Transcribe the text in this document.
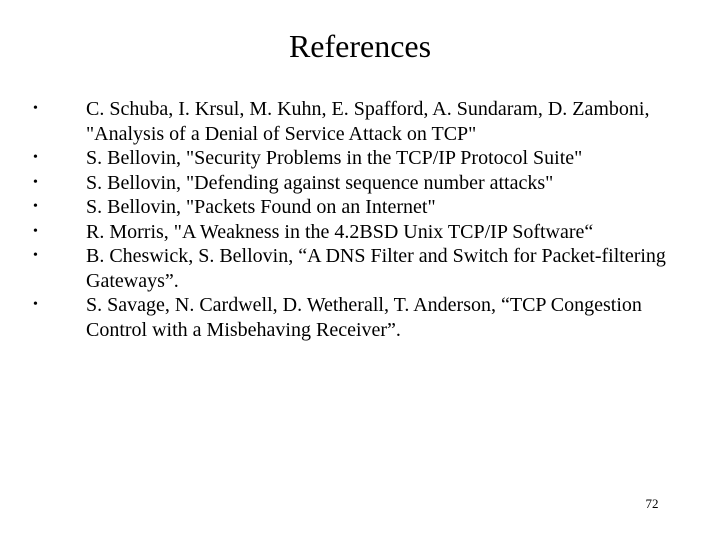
References
• C. Schuba, I. Krsul, M. Kuhn, E. Spafford, A. Sundaram, D. Zamboni, "Analysis of a Denial of Service Attack on TCP"
• S. Bellovin, "Security Problems in the TCP/IP Protocol Suite"
• S. Bellovin, "Defending against sequence number attacks"
• S. Bellovin, "Packets Found on an Internet"
• R. Morris, "A Weakness in the 4.2BSD Unix TCP/IP Software“
• B. Cheswick, S. Bellovin, “A DNS Filter and Switch for Packet-filtering Gateways”.
• S. Savage, N. Cardwell, D. Wetherall, T. Anderson, “TCP Congestion Control with a Misbehaving Receiver”.
72
